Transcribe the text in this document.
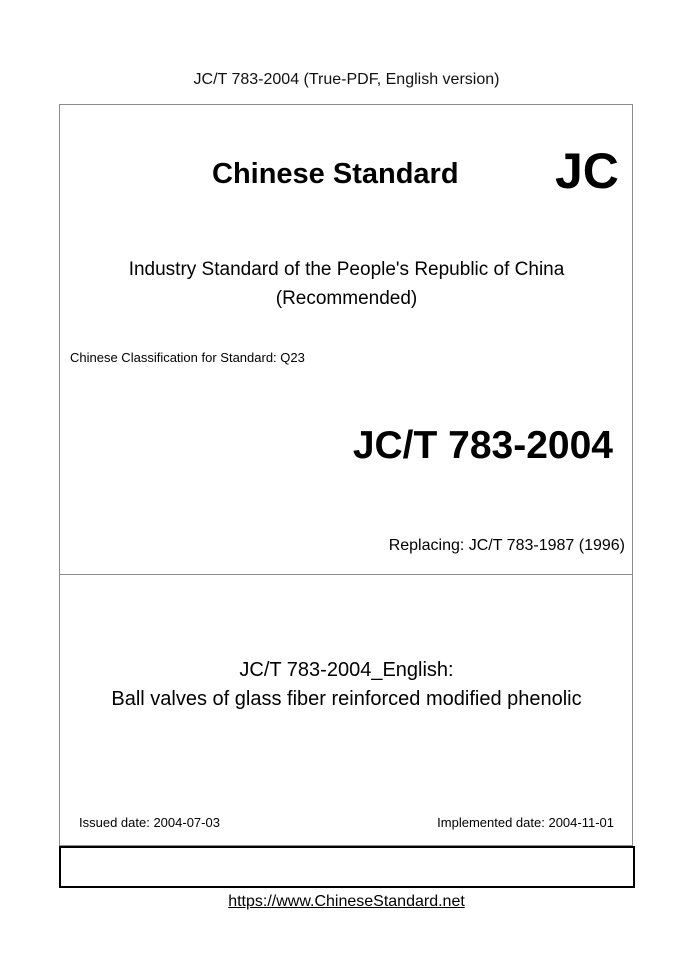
JC/T 783-2004 (True-PDF, English version)
Chinese Standard JC
Industry Standard of the People's Republic of China
(Recommended)
Chinese Classification for Standard: Q23
JC/T 783-2004
Replacing: JC/T 783-1987 (1996)
JC/T 783-2004_English:
Ball valves of glass fiber reinforced modified phenolic
Issued date: 2004-07-03	Implemented date: 2004-11-01
https://www.ChineseStandard.net
